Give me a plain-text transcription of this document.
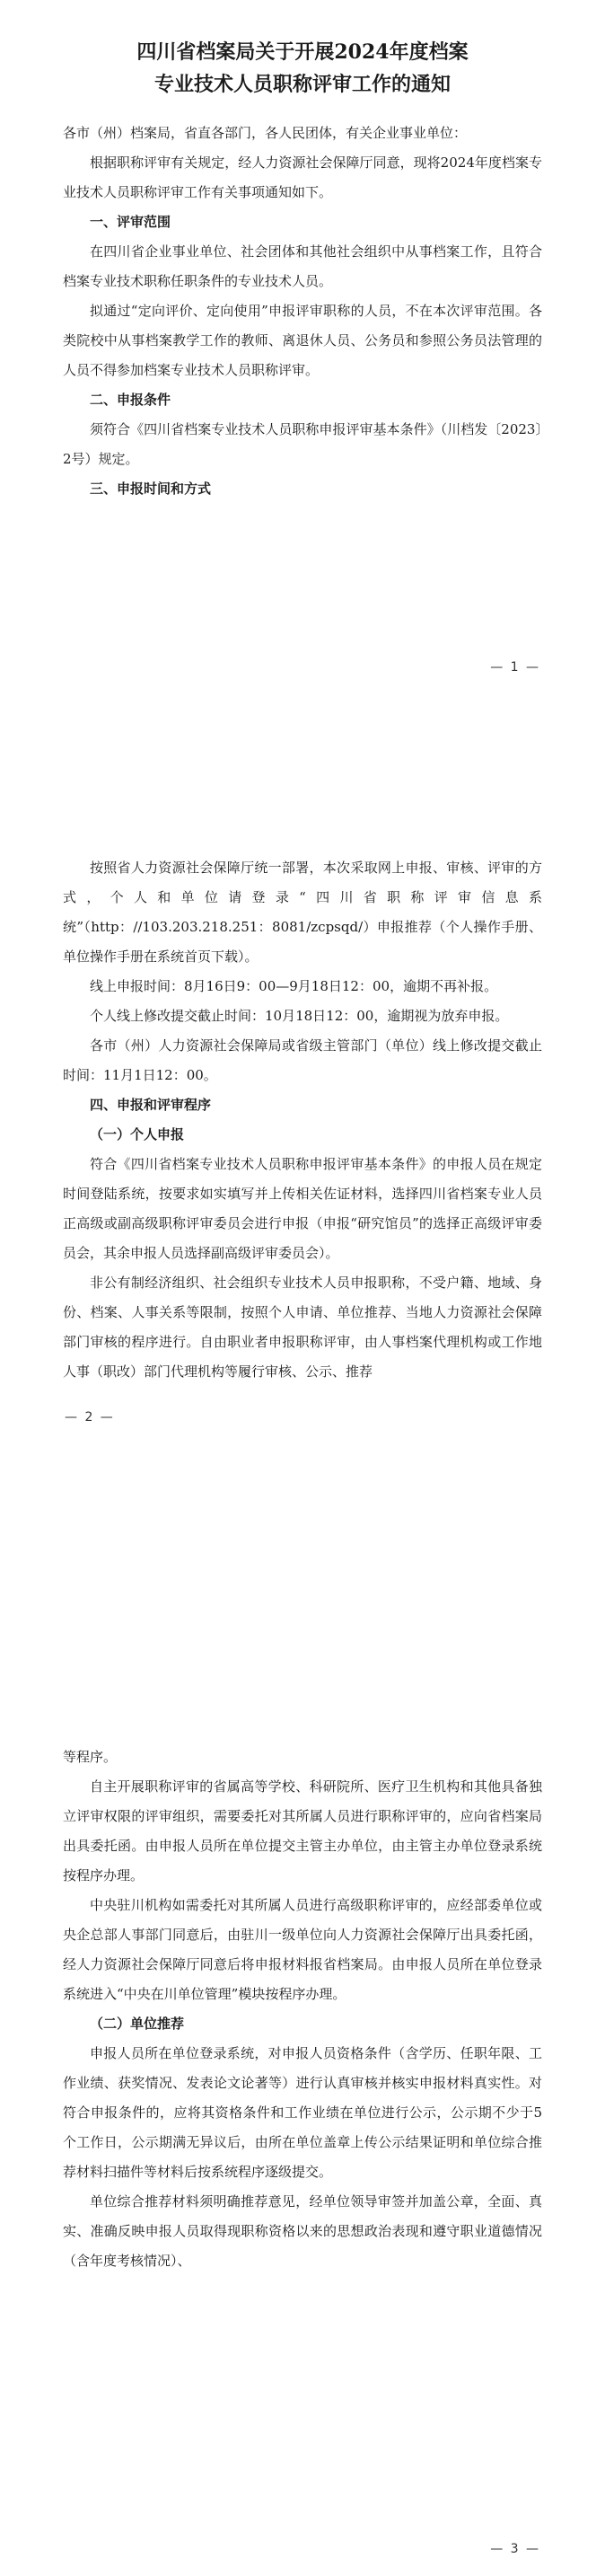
四川省档案局关于开展2024年度档案
专业技术人员职称评审工作的通知

各市（州）档案局，省直各部门，各人民团体，有关企业事业单位：

根据职称评审有关规定，经人力资源社会保障厅同意，现将2024年度档案专业技术人员职称评审工作有关事项通知如下。

一、评审范围

在四川省企业事业单位、社会团体和其他社会组织中从事档案工作，且符合档案专业技术职称任职条件的专业技术人员。

拟通过“定向评价、定向使用”申报评审职称的人员，不在本次评审范围。各类院校中从事档案教学工作的教师、离退休人员、公务员和参照公务员法管理的人员不得参加档案专业技术人员职称评审。

二、申报条件

须符合《四川省档案专业技术人员职称申报评审基本条件》（川档发〔2023〕2号）规定。

三、申报时间和方式

— 1 —

按照省人力资源社会保障厅统一部署，本次采取网上申报、审核、评审的方式，个人和单位请登录“四川省职称评审信息系统”（http：//103.203.218.251：8081/zcpsqd/）申报推荐（个人操作手册、单位操作手册在系统首页下载）。

线上申报时间：8月16日9：00—9月18日12：00，逾期不再补报。

个人线上修改提交截止时间：10月18日12：00，逾期视为放弃申报。

各市（州）人力资源社会保障局或省级主管部门（单位）线上修改提交截止时间：11月1日12：00。

四、申报和评审程序

（一）个人申报

符合《四川省档案专业技术人员职称申报评审基本条件》的申报人员在规定时间登陆系统，按要求如实填写并上传相关佐证材料，选择四川省档案专业人员正高级或副高级职称评审委员会进行申报（申报“研究馆员”的选择正高级评审委员会，其余申报人员选择副高级评审委员会）。

非公有制经济组织、社会组织专业技术人员申报职称，不受户籍、地域、身份、档案、人事关系等限制，按照个人申请、单位推荐、当地人力资源社会保障部门审核的程序进行。自由职业者申报职称评审，由人事档案代理机构或工作地人事（职改）部门代理机构等履行审核、公示、推荐

— 2 —

等程序。

自主开展职称评审的省属高等学校、科研院所、医疗卫生机构和其他具备独立评审权限的评审组织，需要委托对其所属人员进行职称评审的，应向省档案局出具委托函。由申报人员所在单位提交主管主办单位，由主管主办单位登录系统按程序办理。

中央驻川机构如需委托对其所属人员进行高级职称评审的，应经部委单位或央企总部人事部门同意后，由驻川一级单位向人力资源社会保障厅出具委托函，经人力资源社会保障厅同意后将申报材料报省档案局。由申报人员所在单位登录系统进入“中央在川单位管理”模块按程序办理。

（二）单位推荐

申报人员所在单位登录系统，对申报人员资格条件（含学历、任职年限、工作业绩、获奖情况、发表论文论著等）进行认真审核并核实申报材料真实性。对符合申报条件的，应将其资格条件和工作业绩在单位进行公示，公示期不少于5个工作日，公示期满无异议后，由所在单位盖章上传公示结果证明和单位综合推荐材料扫描件等材料后按系统程序逐级提交。

单位综合推荐材料须明确推荐意见，经单位领导审签并加盖公章，全面、真实、准确反映申报人员取得现职称资格以来的思想政治表现和遵守职业道德情况（含年度考核情况）、

— 3 —
